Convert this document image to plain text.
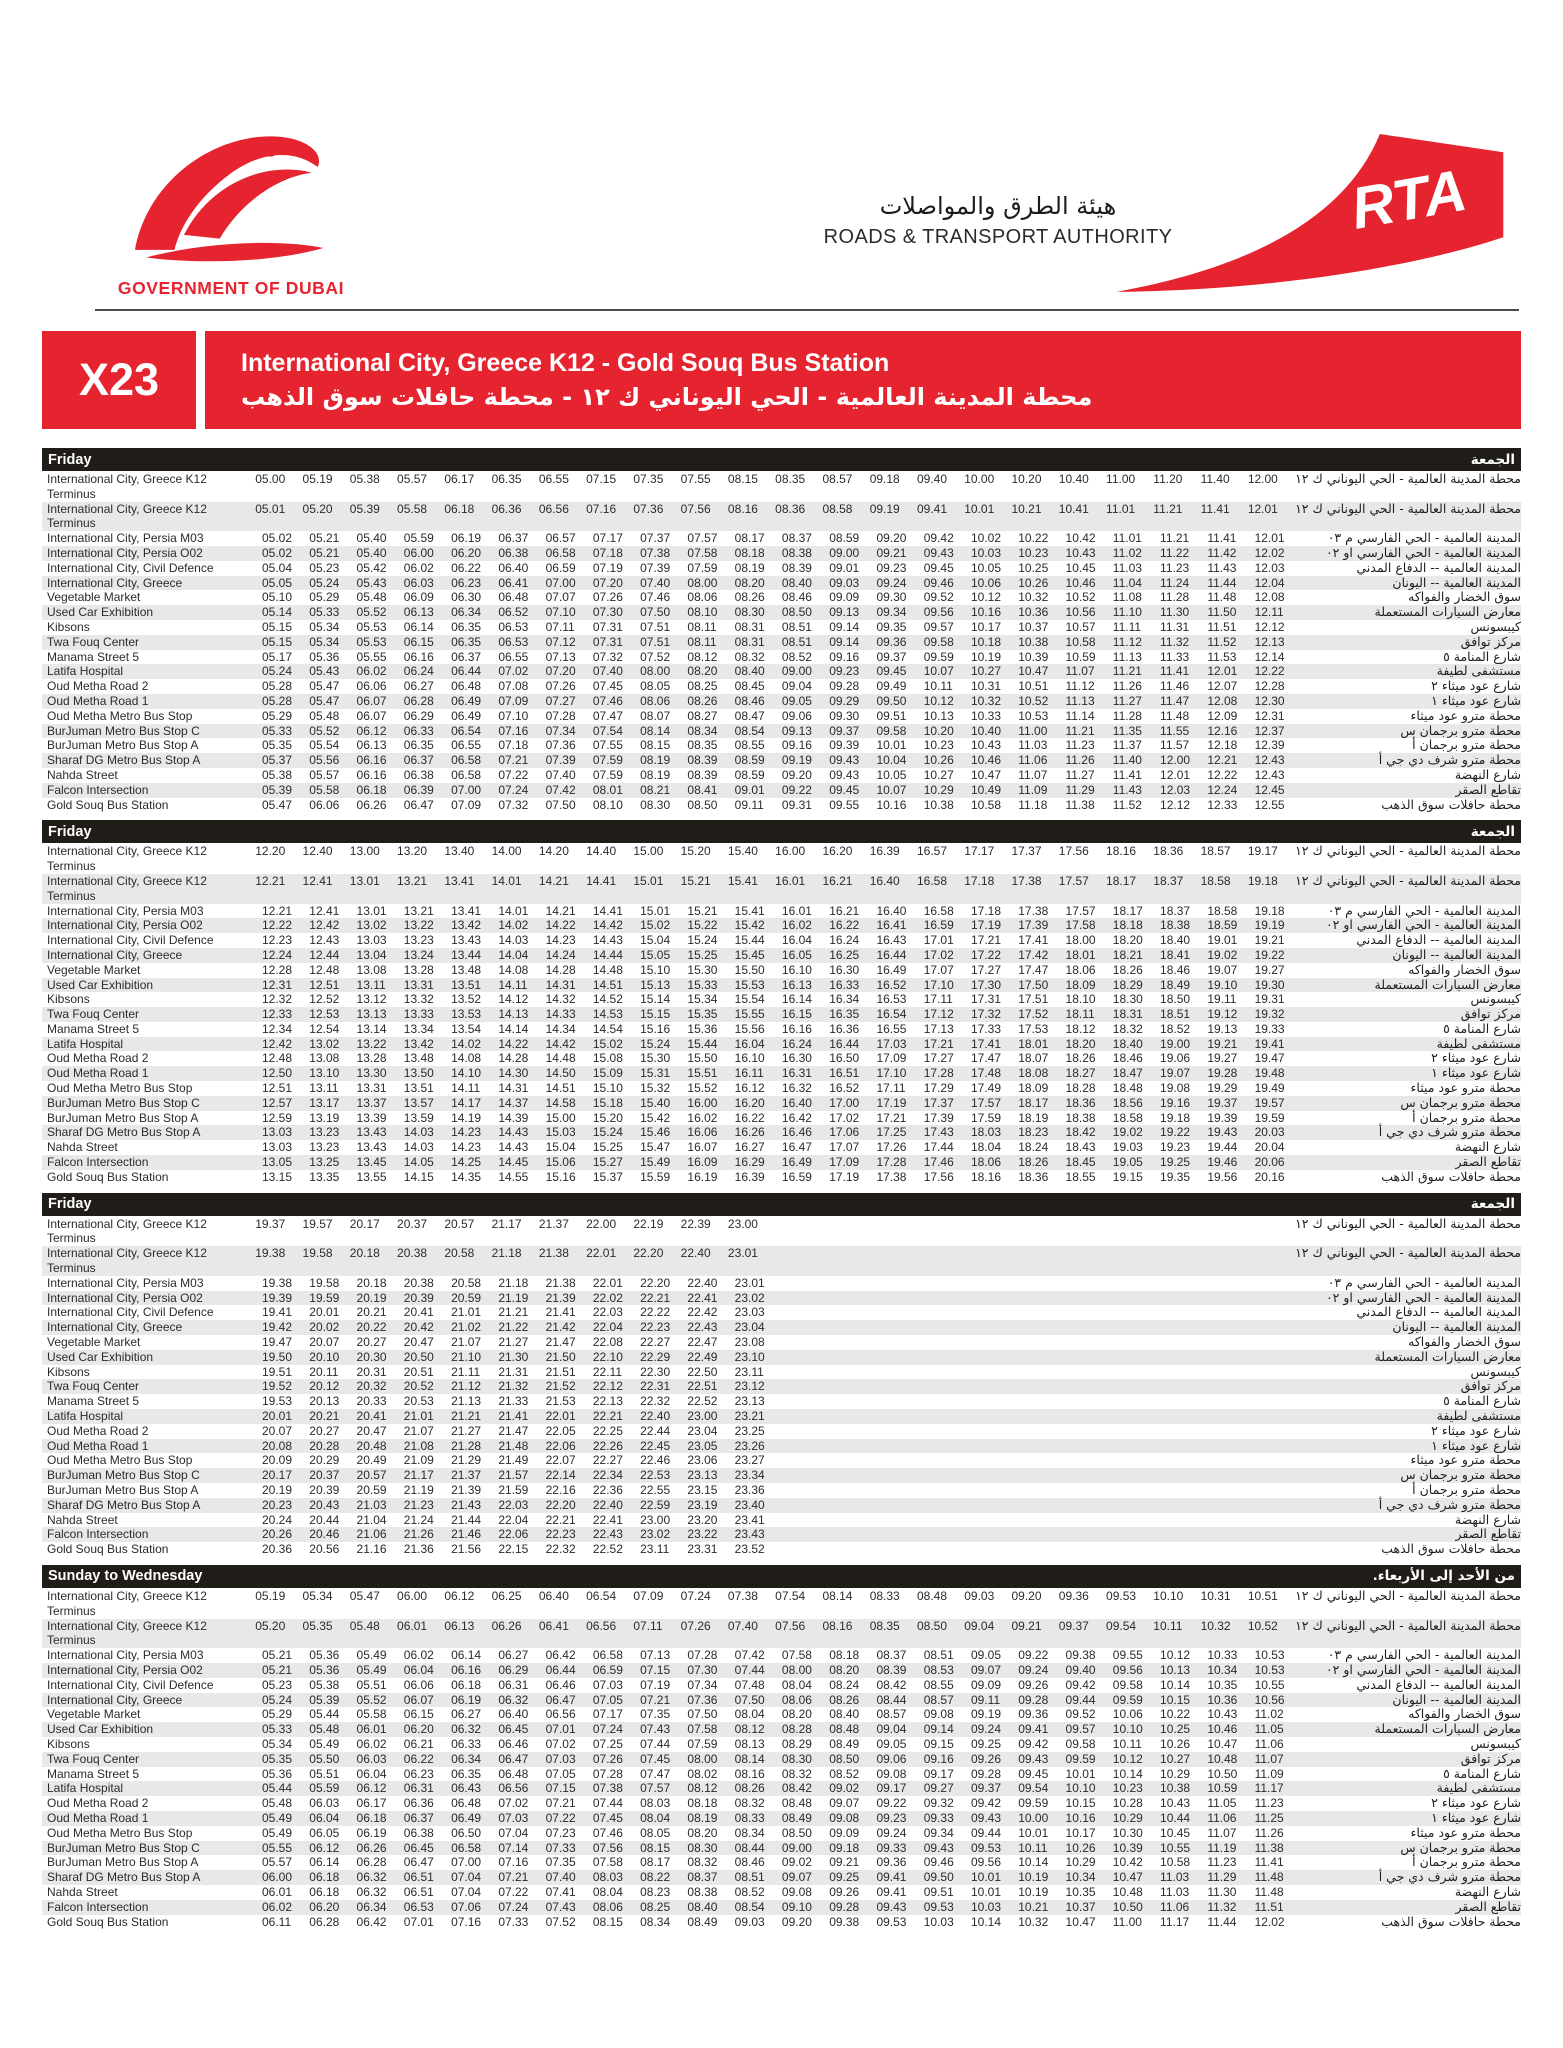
GOVERNMENT OF DUBAI
هيئة الطرق والمواصلات
ROADS & TRANSPORT AUTHORITY	RTA
X23	International City, Greece K12 - Gold Souq Bus Station
محطة المدينة العالمية - الحي اليوناني ك ١٢ - محطة حافلات سوق الذهب
Friday	الجمعة
International City, Greece K12 Terminus
05.00	05.19	05.38	05.57	06.17	06.35	06.55	07.15	07.35	07.55	08.15	08.35	08.57	09.18	09.40	10.00	10.20	10.40	11.00	11.20	11.40	12.00	محطة المدينة العالمية - الحي اليوناني ك ١٢
International City, Greece K12 Terminus
05.01	05.20	05.39	05.58	06.18	06.36	06.56	07.16	07.36	07.56	08.16	08.36	08.58	09.19	09.41	10.01	10.21	10.41	11.01	11.21	11.41	12.01	محطة المدينة العالمية - الحي اليوناني ك ١٢
International City, Persia M03	05.02	05.21	05.40	05.59	06.19	06.37	06.57	07.17	07.37	07.57	08.17	08.37	08.59	09.20	09.42	10.02	10.22	10.42	11.01	11.21	11.41	12.01	المدينة العالمية - الحي الفارسي م ٠٣
International City, Persia O02	05.02	05.21	05.40	06.00	06.20	06.38	06.58	07.18	07.38	07.58	08.18	08.38	09.00	09.21	09.43	10.03	10.23	10.43	11.02	11.22	11.42	12.02	المدينة العالمية - الحي الفارسي او ٠٢
International City, Civil Defence	05.04	05.23	05.42	06.02	06.22	06.40	06.59	07.19	07.39	07.59	08.19	08.39	09.01	09.23	09.45	10.05	10.25	10.45	11.03	11.23	11.43	12.03	المدينة العالمية -- الدفاع المدني
International City, Greece	05.05	05.24	05.43	06.03	06.23	06.41	07.00	07.20	07.40	08.00	08.20	08.40	09.03	09.24	09.46	10.06	10.26	10.46	11.04	11.24	11.44	12.04	المدينة العالمية -- اليونان
Vegetable Market	05.10	05.29	05.48	06.09	06.30	06.48	07.07	07.26	07.46	08.06	08.26	08.46	09.09	09.30	09.52	10.12	10.32	10.52	11.08	11.28	11.48	12.08	سوق الخضار والفواكه
Used Car Exhibition	05.14	05.33	05.52	06.13	06.34	06.52	07.10	07.30	07.50	08.10	08.30	08.50	09.13	09.34	09.56	10.16	10.36	10.56	11.10	11.30	11.50	12.11	معارض السيارات المستعملة
Kibsons	05.15	05.34	05.53	06.14	06.35	06.53	07.11	07.31	07.51	08.11	08.31	08.51	09.14	09.35	09.57	10.17	10.37	10.57	11.11	11.31	11.51	12.12	كيبسونس
Twa Fouq Center	05.15	05.34	05.53	06.15	06.35	06.53	07.12	07.31	07.51	08.11	08.31	08.51	09.14	09.36	09.58	10.18	10.38	10.58	11.12	11.32	11.52	12.13	مركز توافق
Manama Street 5	05.17	05.36	05.55	06.16	06.37	06.55	07.13	07.32	07.52	08.12	08.32	08.52	09.16	09.37	09.59	10.19	10.39	10.59	11.13	11.33	11.53	12.14	شارع المنامة ٥
Latifa Hospital	05.24	05.43	06.02	06.24	06.44	07.02	07.20	07.40	08.00	08.20	08.40	09.00	09.23	09.45	10.07	10.27	10.47	11.07	11.21	11.41	12.01	12.22	مستشفى لطيفة
Oud Metha Road 2	05.28	05.47	06.06	06.27	06.48	07.08	07.26	07.45	08.05	08.25	08.45	09.04	09.28	09.49	10.11	10.31	10.51	11.12	11.26	11.46	12.07	12.28	شارع عود ميثاء ٢
Oud Metha Road 1	05.28	05.47	06.07	06.28	06.49	07.09	07.27	07.46	08.06	08.26	08.46	09.05	09.29	09.50	10.12	10.32	10.52	11.13	11.27	11.47	12.08	12.30	شارع عود ميثاء ١
Oud Metha Metro Bus Stop	05.29	05.48	06.07	06.29	06.49	07.10	07.28	07.47	08.07	08.27	08.47	09.06	09.30	09.51	10.13	10.33	10.53	11.14	11.28	11.48	12.09	12.31	محطة مترو عود ميثاء
BurJuman Metro Bus Stop C	05.33	05.52	06.12	06.33	06.54	07.16	07.34	07.54	08.14	08.34	08.54	09.13	09.37	09.58	10.20	10.40	11.00	11.21	11.35	11.55	12.16	12.37	محطة مترو برجمان س
BurJuman Metro Bus Stop A	05.35	05.54	06.13	06.35	06.55	07.18	07.36	07.55	08.15	08.35	08.55	09.16	09.39	10.01	10.23	10.43	11.03	11.23	11.37	11.57	12.18	12.39	محطة مترو برجمان أ
Sharaf DG Metro Bus Stop A	05.37	05.56	06.16	06.37	06.58	07.21	07.39	07.59	08.19	08.39	08.59	09.19	09.43	10.04	10.26	10.46	11.06	11.26	11.40	12.00	12.21	12.43	محطة مترو شرف دي جي أ
Nahda Street	05.38	05.57	06.16	06.38	06.58	07.22	07.40	07.59	08.19	08.39	08.59	09.20	09.43	10.05	10.27	10.47	11.07	11.27	11.41	12.01	12.22	12.43	شارع النهضة
Falcon Intersection	05.39	05.58	06.18	06.39	07.00	07.24	07.42	08.01	08.21	08.41	09.01	09.22	09.45	10.07	10.29	10.49	11.09	11.29	11.43	12.03	12.24	12.45	تقاطع الصقر
Gold Souq Bus Station	05.47	06.06	06.26	06.47	07.09	07.32	07.50	08.10	08.30	08.50	09.11	09.31	09.55	10.16	10.38	10.58	11.18	11.38	11.52	12.12	12.33	12.55	محطة حافلات سوق الذهب
Friday	الجمعة
International City, Greece K12 Terminus
12.20	12.40	13.00	13.20	13.40	14.00	14.20	14.40	15.00	15.20	15.40	16.00	16.20	16.39	16.57	17.17	17.37	17.56	18.16	18.36	18.57	19.17	محطة المدينة العالمية - الحي اليوناني ك ١٢
International City, Greece K12 Terminus
12.21	12.41	13.01	13.21	13.41	14.01	14.21	14.41	15.01	15.21	15.41	16.01	16.21	16.40	16.58	17.18	17.38	17.57	18.17	18.37	18.58	19.18	محطة المدينة العالمية - الحي اليوناني ك ١٢
International City, Persia M03	12.21	12.41	13.01	13.21	13.41	14.01	14.21	14.41	15.01	15.21	15.41	16.01	16.21	16.40	16.58	17.18	17.38	17.57	18.17	18.37	18.58	19.18	المدينة العالمية - الحي الفارسي م ٠٣
International City, Persia O02	12.22	12.42	13.02	13.22	13.42	14.02	14.22	14.42	15.02	15.22	15.42	16.02	16.22	16.41	16.59	17.19	17.39	17.58	18.18	18.38	18.59	19.19	المدينة العالمية - الحي الفارسي او ٠٢
International City, Civil Defence	12.23	12.43	13.03	13.23	13.43	14.03	14.23	14.43	15.04	15.24	15.44	16.04	16.24	16.43	17.01	17.21	17.41	18.00	18.20	18.40	19.01	19.21	المدينة العالمية -- الدفاع المدني
International City, Greece	12.24	12.44	13.04	13.24	13.44	14.04	14.24	14.44	15.05	15.25	15.45	16.05	16.25	16.44	17.02	17.22	17.42	18.01	18.21	18.41	19.02	19.22	المدينة العالمية -- اليونان
Vegetable Market	12.28	12.48	13.08	13.28	13.48	14.08	14.28	14.48	15.10	15.30	15.50	16.10	16.30	16.49	17.07	17.27	17.47	18.06	18.26	18.46	19.07	19.27	سوق الخضار والفواكه
Used Car Exhibition	12.31	12.51	13.11	13.31	13.51	14.11	14.31	14.51	15.13	15.33	15.53	16.13	16.33	16.52	17.10	17.30	17.50	18.09	18.29	18.49	19.10	19.30	معارض السيارات المستعملة
Kibsons	12.32	12.52	13.12	13.32	13.52	14.12	14.32	14.52	15.14	15.34	15.54	16.14	16.34	16.53	17.11	17.31	17.51	18.10	18.30	18.50	19.11	19.31	كيبسونس
Twa Fouq Center	12.33	12.53	13.13	13.33	13.53	14.13	14.33	14.53	15.15	15.35	15.55	16.15	16.35	16.54	17.12	17.32	17.52	18.11	18.31	18.51	19.12	19.32	مركز توافق
Manama Street 5	12.34	12.54	13.14	13.34	13.54	14.14	14.34	14.54	15.16	15.36	15.56	16.16	16.36	16.55	17.13	17.33	17.53	18.12	18.32	18.52	19.13	19.33	شارع المنامة ٥
Latifa Hospital	12.42	13.02	13.22	13.42	14.02	14.22	14.42	15.02	15.24	15.44	16.04	16.24	16.44	17.03	17.21	17.41	18.01	18.20	18.40	19.00	19.21	19.41	مستشفى لطيفة
Oud Metha Road 2	12.48	13.08	13.28	13.48	14.08	14.28	14.48	15.08	15.30	15.50	16.10	16.30	16.50	17.09	17.27	17.47	18.07	18.26	18.46	19.06	19.27	19.47	شارع عود ميثاء ٢
Oud Metha Road 1	12.50	13.10	13.30	13.50	14.10	14.30	14.50	15.09	15.31	15.51	16.11	16.31	16.51	17.10	17.28	17.48	18.08	18.27	18.47	19.07	19.28	19.48	شارع عود ميثاء ١
Oud Metha Metro Bus Stop	12.51	13.11	13.31	13.51	14.11	14.31	14.51	15.10	15.32	15.52	16.12	16.32	16.52	17.11	17.29	17.49	18.09	18.28	18.48	19.08	19.29	19.49	محطة مترو عود ميثاء
BurJuman Metro Bus Stop C	12.57	13.17	13.37	13.57	14.17	14.37	14.58	15.18	15.40	16.00	16.20	16.40	17.00	17.19	17.37	17.57	18.17	18.36	18.56	19.16	19.37	19.57	محطة مترو برجمان س
BurJuman Metro Bus Stop A	12.59	13.19	13.39	13.59	14.19	14.39	15.00	15.20	15.42	16.02	16.22	16.42	17.02	17.21	17.39	17.59	18.19	18.38	18.58	19.18	19.39	19.59	محطة مترو برجمان أ
Sharaf DG Metro Bus Stop A	13.03	13.23	13.43	14.03	14.23	14.43	15.03	15.24	15.46	16.06	16.26	16.46	17.06	17.25	17.43	18.03	18.23	18.42	19.02	19.22	19.43	20.03	محطة مترو شرف دي جي أ
Nahda Street	13.03	13.23	13.43	14.03	14.23	14.43	15.04	15.25	15.47	16.07	16.27	16.47	17.07	17.26	17.44	18.04	18.24	18.43	19.03	19.23	19.44	20.04	شارع النهضة
Falcon Intersection	13.05	13.25	13.45	14.05	14.25	14.45	15.06	15.27	15.49	16.09	16.29	16.49	17.09	17.28	17.46	18.06	18.26	18.45	19.05	19.25	19.46	20.06	تقاطع الصقر
Gold Souq Bus Station	13.15	13.35	13.55	14.15	14.35	14.55	15.16	15.37	15.59	16.19	16.39	16.59	17.19	17.38	17.56	18.16	18.36	18.55	19.15	19.35	19.56	20.16	محطة حافلات سوق الذهب
Friday	الجمعة
International City, Greece K12 Terminus
19.37	19.57	20.17	20.37	20.57	21.17	21.37	22.00	22.19	22.39	23.00	محطة المدينة العالمية - الحي اليوناني ك ١٢
International City, Greece K12 Terminus
19.38	19.58	20.18	20.38	20.58	21.18	21.38	22.01	22.20	22.40	23.01	محطة المدينة العالمية - الحي اليوناني ك ١٢
International City, Persia M03	19.38	19.58	20.18	20.38	20.58	21.18	21.38	22.01	22.20	22.40	23.01	المدينة العالمية - الحي الفارسي م ٠٣
International City, Persia O02	19.39	19.59	20.19	20.39	20.59	21.19	21.39	22.02	22.21	22.41	23.02	المدينة العالمية - الحي الفارسي او ٠٢
International City, Civil Defence	19.41	20.01	20.21	20.41	21.01	21.21	21.41	22.03	22.22	22.42	23.03	المدينة العالمية -- الدفاع المدني
International City, Greece	19.42	20.02	20.22	20.42	21.02	21.22	21.42	22.04	22.23	22.43	23.04	المدينة العالمية -- اليونان
Vegetable Market	19.47	20.07	20.27	20.47	21.07	21.27	21.47	22.08	22.27	22.47	23.08	سوق الخضار والفواكه
Used Car Exhibition	19.50	20.10	20.30	20.50	21.10	21.30	21.50	22.10	22.29	22.49	23.10	معارض السيارات المستعملة
Kibsons	19.51	20.11	20.31	20.51	21.11	21.31	21.51	22.11	22.30	22.50	23.11	كيبسونس
Twa Fouq Center	19.52	20.12	20.32	20.52	21.12	21.32	21.52	22.12	22.31	22.51	23.12	مركز توافق
Manama Street 5	19.53	20.13	20.33	20.53	21.13	21.33	21.53	22.13	22.32	22.52	23.13	شارع المنامة ٥
Latifa Hospital	20.01	20.21	20.41	21.01	21.21	21.41	22.01	22.21	22.40	23.00	23.21	مستشفى لطيفة
Oud Metha Road 2	20.07	20.27	20.47	21.07	21.27	21.47	22.05	22.25	22.44	23.04	23.25	شارع عود ميثاء ٢
Oud Metha Road 1	20.08	20.28	20.48	21.08	21.28	21.48	22.06	22.26	22.45	23.05	23.26	شارع عود ميثاء ١
Oud Metha Metro Bus Stop	20.09	20.29	20.49	21.09	21.29	21.49	22.07	22.27	22.46	23.06	23.27	محطة مترو عود ميثاء
BurJuman Metro Bus Stop C	20.17	20.37	20.57	21.17	21.37	21.57	22.14	22.34	22.53	23.13	23.34	محطة مترو برجمان س
BurJuman Metro Bus Stop A	20.19	20.39	20.59	21.19	21.39	21.59	22.16	22.36	22.55	23.15	23.36	محطة مترو برجمان أ
Sharaf DG Metro Bus Stop A	20.23	20.43	21.03	21.23	21.43	22.03	22.20	22.40	22.59	23.19	23.40	محطة مترو شرف دي جي أ
Nahda Street	20.24	20.44	21.04	21.24	21.44	22.04	22.21	22.41	23.00	23.20	23.41	شارع النهضة
Falcon Intersection	20.26	20.46	21.06	21.26	21.46	22.06	22.23	22.43	23.02	23.22	23.43	تقاطع الصقر
Gold Souq Bus Station	20.36	20.56	21.16	21.36	21.56	22.15	22.32	22.52	23.11	23.31	23.52	محطة حافلات سوق الذهب
Sunday to Wednesday	من الأحد إلى الأربعاء.
International City, Greece K12 Terminus
05.19	05.34	05.47	06.00	06.12	06.25	06.40	06.54	07.09	07.24	07.38	07.54	08.14	08.33	08.48	09.03	09.20	09.36	09.53	10.10	10.31	10.51	محطة المدينة العالمية - الحي اليوناني ك ١٢
International City, Greece K12 Terminus
05.20	05.35	05.48	06.01	06.13	06.26	06.41	06.56	07.11	07.26	07.40	07.56	08.16	08.35	08.50	09.04	09.21	09.37	09.54	10.11	10.32	10.52	محطة المدينة العالمية - الحي اليوناني ك ١٢
International City, Persia M03	05.21	05.36	05.49	06.02	06.14	06.27	06.42	06.58	07.13	07.28	07.42	07.58	08.18	08.37	08.51	09.05	09.22	09.38	09.55	10.12	10.33	10.53	المدينة العالمية - الحي الفارسي م ٠٣
International City, Persia O02	05.21	05.36	05.49	06.04	06.16	06.29	06.44	06.59	07.15	07.30	07.44	08.00	08.20	08.39	08.53	09.07	09.24	09.40	09.56	10.13	10.34	10.53	المدينة العالمية - الحي الفارسي او ٠٢
International City, Civil Defence	05.23	05.38	05.51	06.06	06.18	06.31	06.46	07.03	07.19	07.34	07.48	08.04	08.24	08.42	08.55	09.09	09.26	09.42	09.58	10.14	10.35	10.55	المدينة العالمية -- الدفاع المدني
International City, Greece	05.24	05.39	05.52	06.07	06.19	06.32	06.47	07.05	07.21	07.36	07.50	08.06	08.26	08.44	08.57	09.11	09.28	09.44	09.59	10.15	10.36	10.56	المدينة العالمية -- اليونان
Vegetable Market	05.29	05.44	05.58	06.15	06.27	06.40	06.56	07.17	07.35	07.50	08.04	08.20	08.40	08.57	09.08	09.19	09.36	09.52	10.06	10.22	10.43	11.02	سوق الخضار والفواكه
Used Car Exhibition	05.33	05.48	06.01	06.20	06.32	06.45	07.01	07.24	07.43	07.58	08.12	08.28	08.48	09.04	09.14	09.24	09.41	09.57	10.10	10.25	10.46	11.05	معارض السيارات المستعملة
Kibsons	05.34	05.49	06.02	06.21	06.33	06.46	07.02	07.25	07.44	07.59	08.13	08.29	08.49	09.05	09.15	09.25	09.42	09.58	10.11	10.26	10.47	11.06	كيبسونس
Twa Fouq Center	05.35	05.50	06.03	06.22	06.34	06.47	07.03	07.26	07.45	08.00	08.14	08.30	08.50	09.06	09.16	09.26	09.43	09.59	10.12	10.27	10.48	11.07	مركز توافق
Manama Street 5	05.36	05.51	06.04	06.23	06.35	06.48	07.05	07.28	07.47	08.02	08.16	08.32	08.52	09.08	09.17	09.28	09.45	10.01	10.14	10.29	10.50	11.09	شارع المنامة ٥
Latifa Hospital	05.44	05.59	06.12	06.31	06.43	06.56	07.15	07.38	07.57	08.12	08.26	08.42	09.02	09.17	09.27	09.37	09.54	10.10	10.23	10.38	10.59	11.17	مستشفى لطيفة
Oud Metha Road 2	05.48	06.03	06.17	06.36	06.48	07.02	07.21	07.44	08.03	08.18	08.32	08.48	09.07	09.22	09.32	09.42	09.59	10.15	10.28	10.43	11.05	11.23	شارع عود ميثاء ٢
Oud Metha Road 1	05.49	06.04	06.18	06.37	06.49	07.03	07.22	07.45	08.04	08.19	08.33	08.49	09.08	09.23	09.33	09.43	10.00	10.16	10.29	10.44	11.06	11.25	شارع عود ميثاء ١
Oud Metha Metro Bus Stop	05.49	06.05	06.19	06.38	06.50	07.04	07.23	07.46	08.05	08.20	08.34	08.50	09.09	09.24	09.34	09.44	10.01	10.17	10.30	10.45	11.07	11.26	محطة مترو عود ميثاء
BurJuman Metro Bus Stop C	05.55	06.12	06.26	06.45	06.58	07.14	07.33	07.56	08.15	08.30	08.44	09.00	09.18	09.33	09.43	09.53	10.11	10.26	10.39	10.55	11.19	11.38	محطة مترو برجمان س
BurJuman Metro Bus Stop A	05.57	06.14	06.28	06.47	07.00	07.16	07.35	07.58	08.17	08.32	08.46	09.02	09.21	09.36	09.46	09.56	10.14	10.29	10.42	10.58	11.23	11.41	محطة مترو برجمان أ
Sharaf DG Metro Bus Stop A	06.00	06.18	06.32	06.51	07.04	07.21	07.40	08.03	08.22	08.37	08.51	09.07	09.25	09.41	09.50	10.01	10.19	10.34	10.47	11.03	11.29	11.48	محطة مترو شرف دي جي أ
Nahda Street	06.01	06.18	06.32	06.51	07.04	07.22	07.41	08.04	08.23	08.38	08.52	09.08	09.26	09.41	09.51	10.01	10.19	10.35	10.48	11.03	11.30	11.48	شارع النهضة
Falcon Intersection	06.02	06.20	06.34	06.53	07.06	07.24	07.43	08.06	08.25	08.40	08.54	09.10	09.28	09.43	09.53	10.03	10.21	10.37	10.50	11.06	11.32	11.51	تقاطع الصقر
Gold Souq Bus Station	06.11	06.28	06.42	07.01	07.16	07.33	07.52	08.15	08.34	08.49	09.03	09.20	09.38	09.53	10.03	10.14	10.32	10.47	11.00	11.17	11.44	12.02	محطة حافلات سوق الذهب
